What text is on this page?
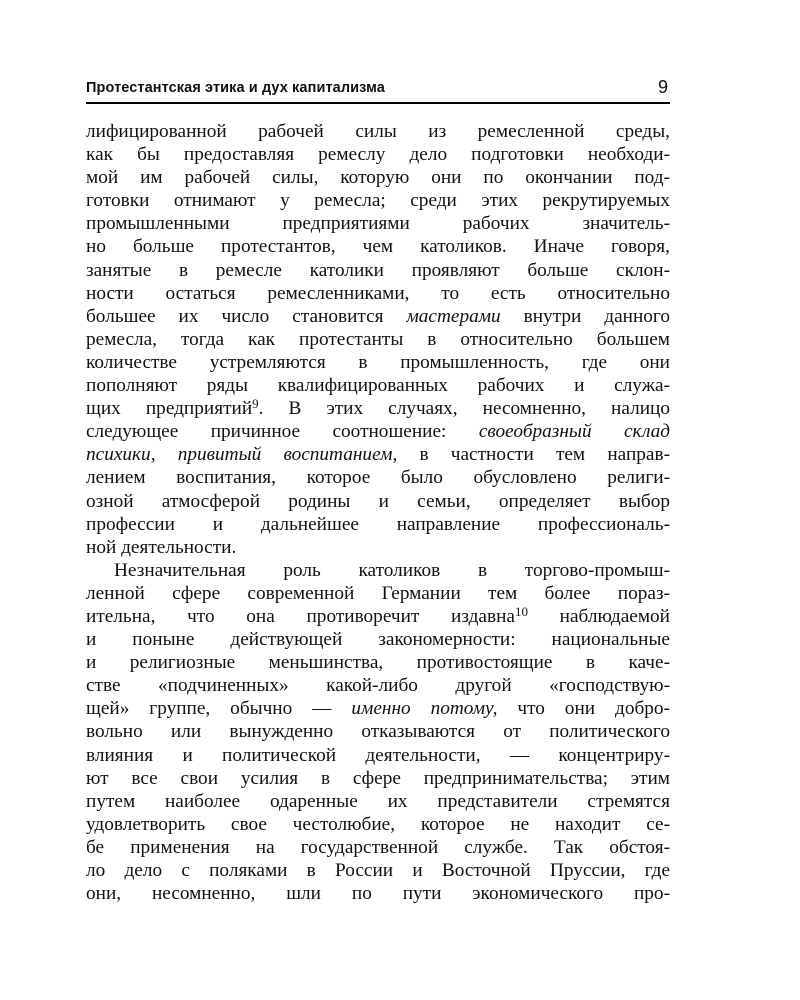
Протестантская этика и дух капитализма	9
лифицированной рабочей силы из ремесленной среды,
как бы предоставляя ремеслу дело подготовки необходи-
мой им рабочей силы, которую они по окончании под-
готовки отнимают у ремесла; среди этих рекрутируемых
промышленными предприятиями рабочих значитель-
но больше протестантов, чем католиков. Иначе говоря,
занятые в ремесле католики проявляют больше склон-
ности остаться ремесленниками, то есть относительно
большее их число становится мастерами внутри данного
ремесла, тогда как протестанты в относительно большем
количестве устремляются в промышленность, где они
пополняют ряды квалифицированных рабочих и служа-
щих предприятий$^9$. В этих случаях, несомненно, налицо
следующее причинное соотношение: своеобразный склад
психики, привитый воспитанием, в частности тем направ-
лением воспитания, которое было обусловлено религи-
озной атмосферой родины и семьи, определяет выбор
профессии и дальнейшее направление профессиональ-
ной деятельности.
Незначительная роль католиков в торгово-промыш-
ленной сфере современной Германии тем более пораз-
ительна, что она противоречит издавна$^{10}$ наблюдаемой
и поныне действующей закономерности: национальные
и религиозные меньшинства, противостоящие в каче-
стве «подчиненных» какой-либо другой «господствую-
щей» группе, обычно — именно потому, что они добро-
вольно или вынужденно отказываются от политического
влияния и политической деятельности, — концентриру-
ют все свои усилия в сфере предпринимательства; этим
путем наиболее одаренные их представители стремятся
удовлетворить свое честолюбие, которое не находит се-
бе применения на государственной службе. Так обстоя-
ло дело с поляками в России и Восточной Пруссии, где
они, несомненно, шли по пути экономического про-
